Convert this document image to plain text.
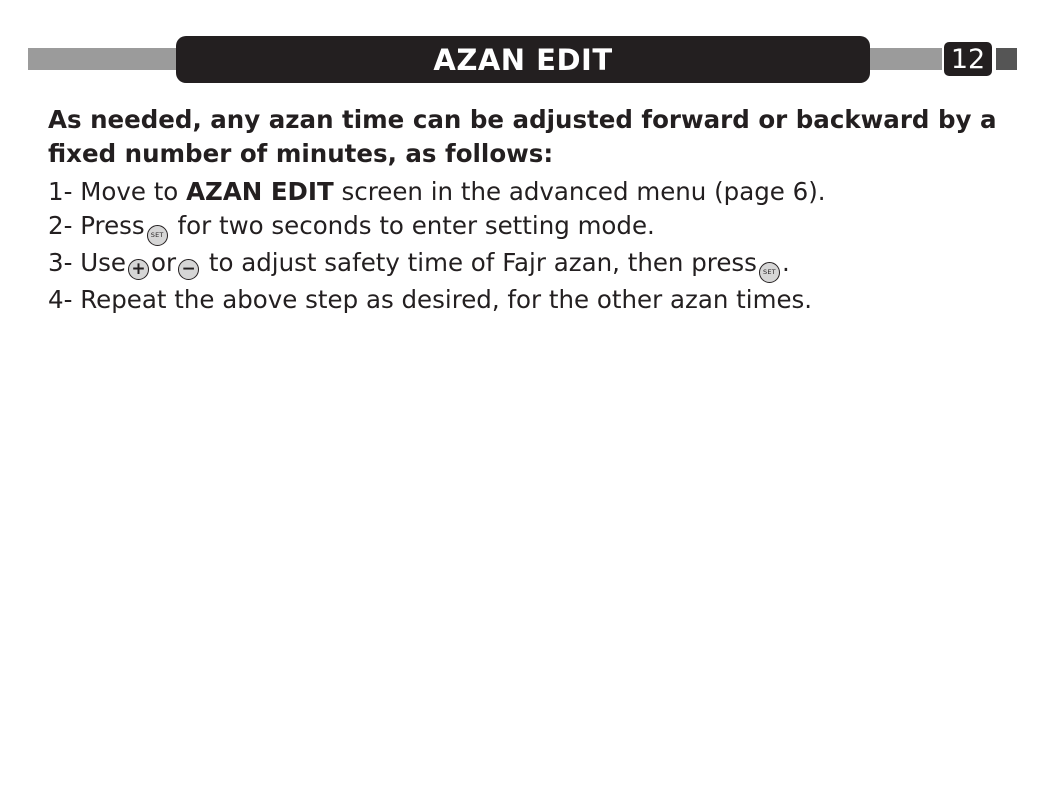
AZAN EDIT	12

As needed, any azan time can be adjusted forward or backward by a fixed number of minutes, as follows:

1- Move to AZAN EDIT screen in the advanced menu (page 6).
2- Press SET for two seconds to enter setting mode.
3- Use + or − to adjust safety time of Fajr azan, then press SET .
4- Repeat the above step as desired, for the other azan times.
